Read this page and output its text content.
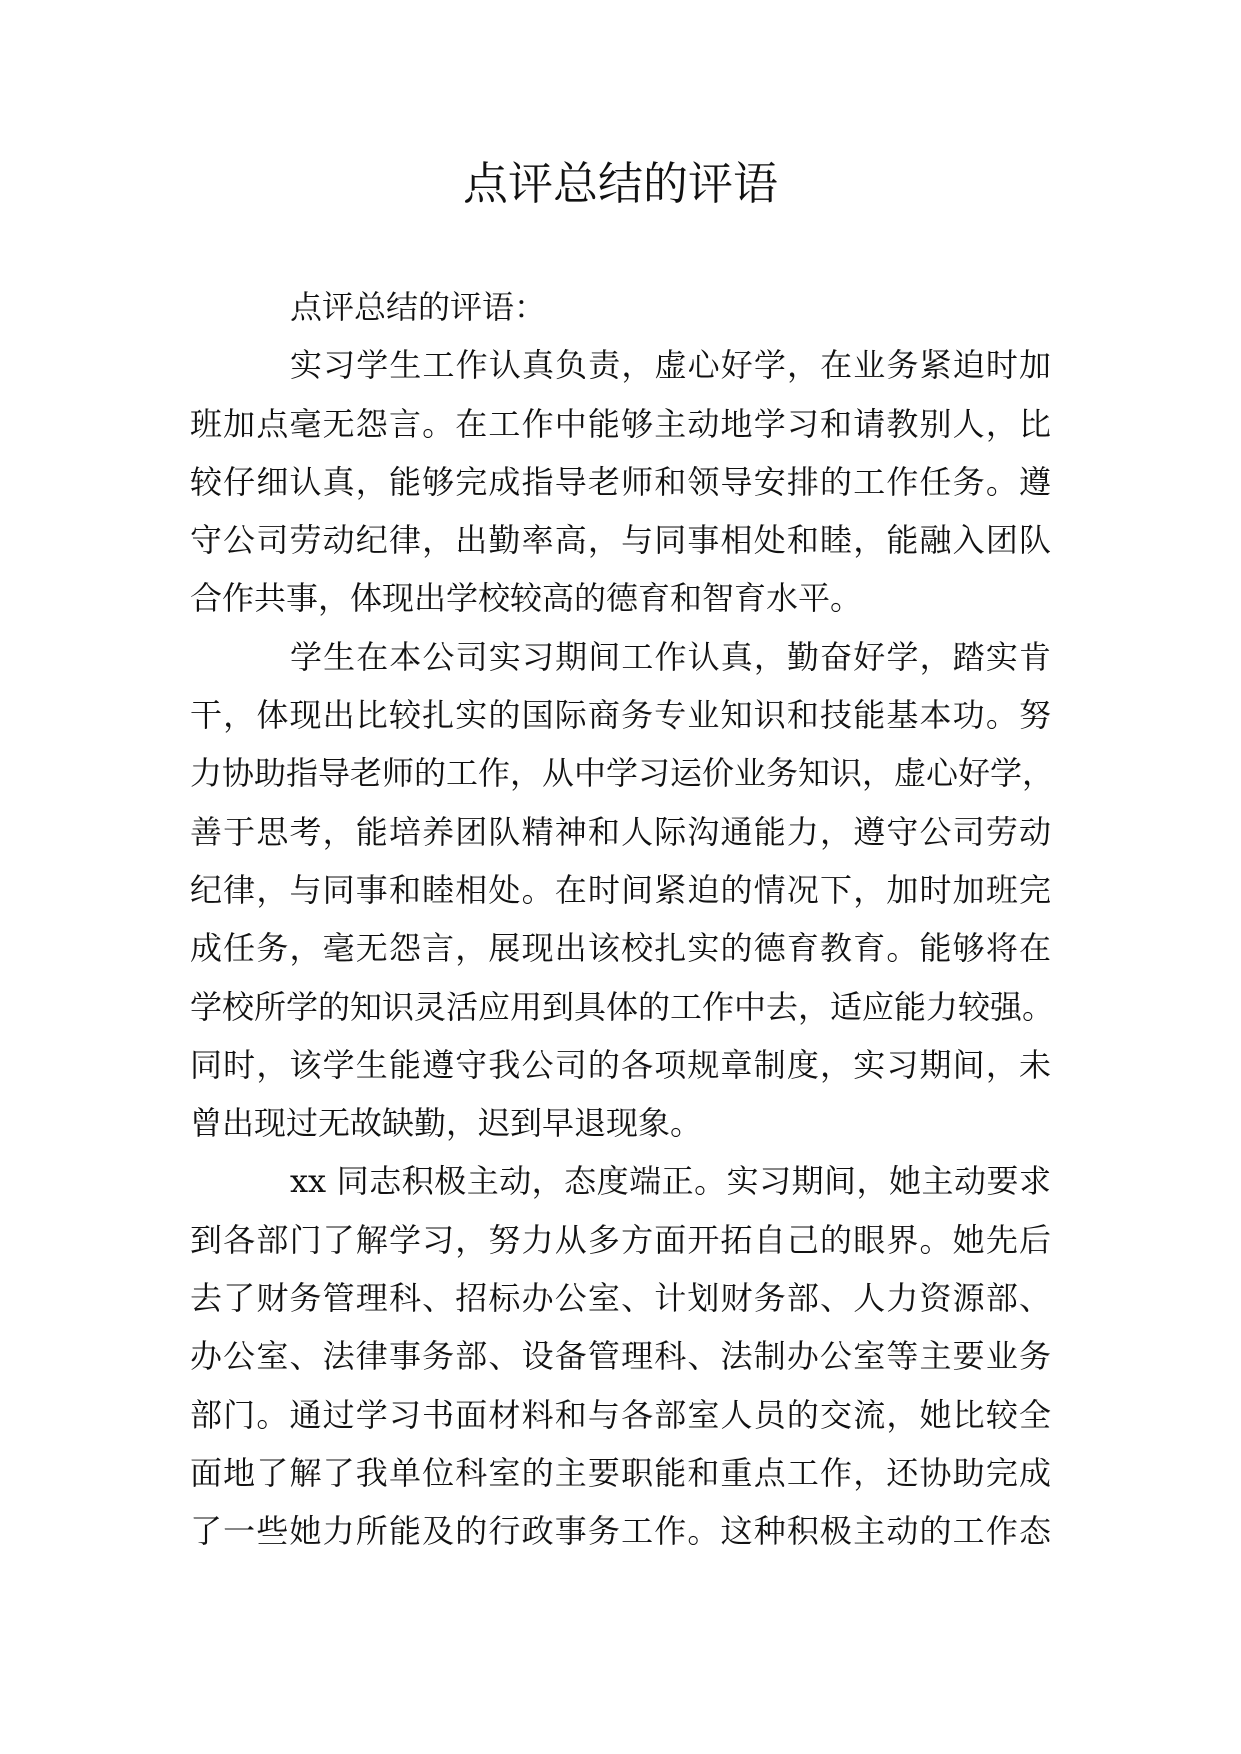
点评总结的评语
点评总结的评语：
实习学生工作认真负责，虚心好学，在业务紧迫时加
班加点毫无怨言。在工作中能够主动地学习和请教别人，比
较仔细认真，能够完成指导老师和领导安排的工作任务。遵
守公司劳动纪律，出勤率高，与同事相处和睦，能融入团队
合作共事，体现出学校较高的德育和智育水平。
学生在本公司实习期间工作认真，勤奋好学，踏实肯
干，体现出比较扎实的国际商务专业知识和技能基本功。努
力协助指导老师的工作，从中学习运价业务知识，虚心好学，
善于思考，能培养团队精神和人际沟通能力，遵守公司劳动
纪律，与同事和睦相处。在时间紧迫的情况下，加时加班完
成任务，毫无怨言，展现出该校扎实的德育教育。能够将在
学校所学的知识灵活应用到具体的工作中去，适应能力较强。
同时，该学生能遵守我公司的各项规章制度，实习期间，未
曾出现过无故缺勤，迟到早退现象。
xx 同志积极主动，态度端正。实习期间，她主动要求
到各部门了解学习，努力从多方面开拓自己的眼界。她先后
去了财务管理科、招标办公室、计划财务部、人力资源部、
办公室、法律事务部、设备管理科、法制办公室等主要业务
部门。通过学习书面材料和与各部室人员的交流，她比较全
面地了解了我单位科室的主要职能和重点工作，还协助完成
了一些她力所能及的行政事务工作。这种积极主动的工作态
